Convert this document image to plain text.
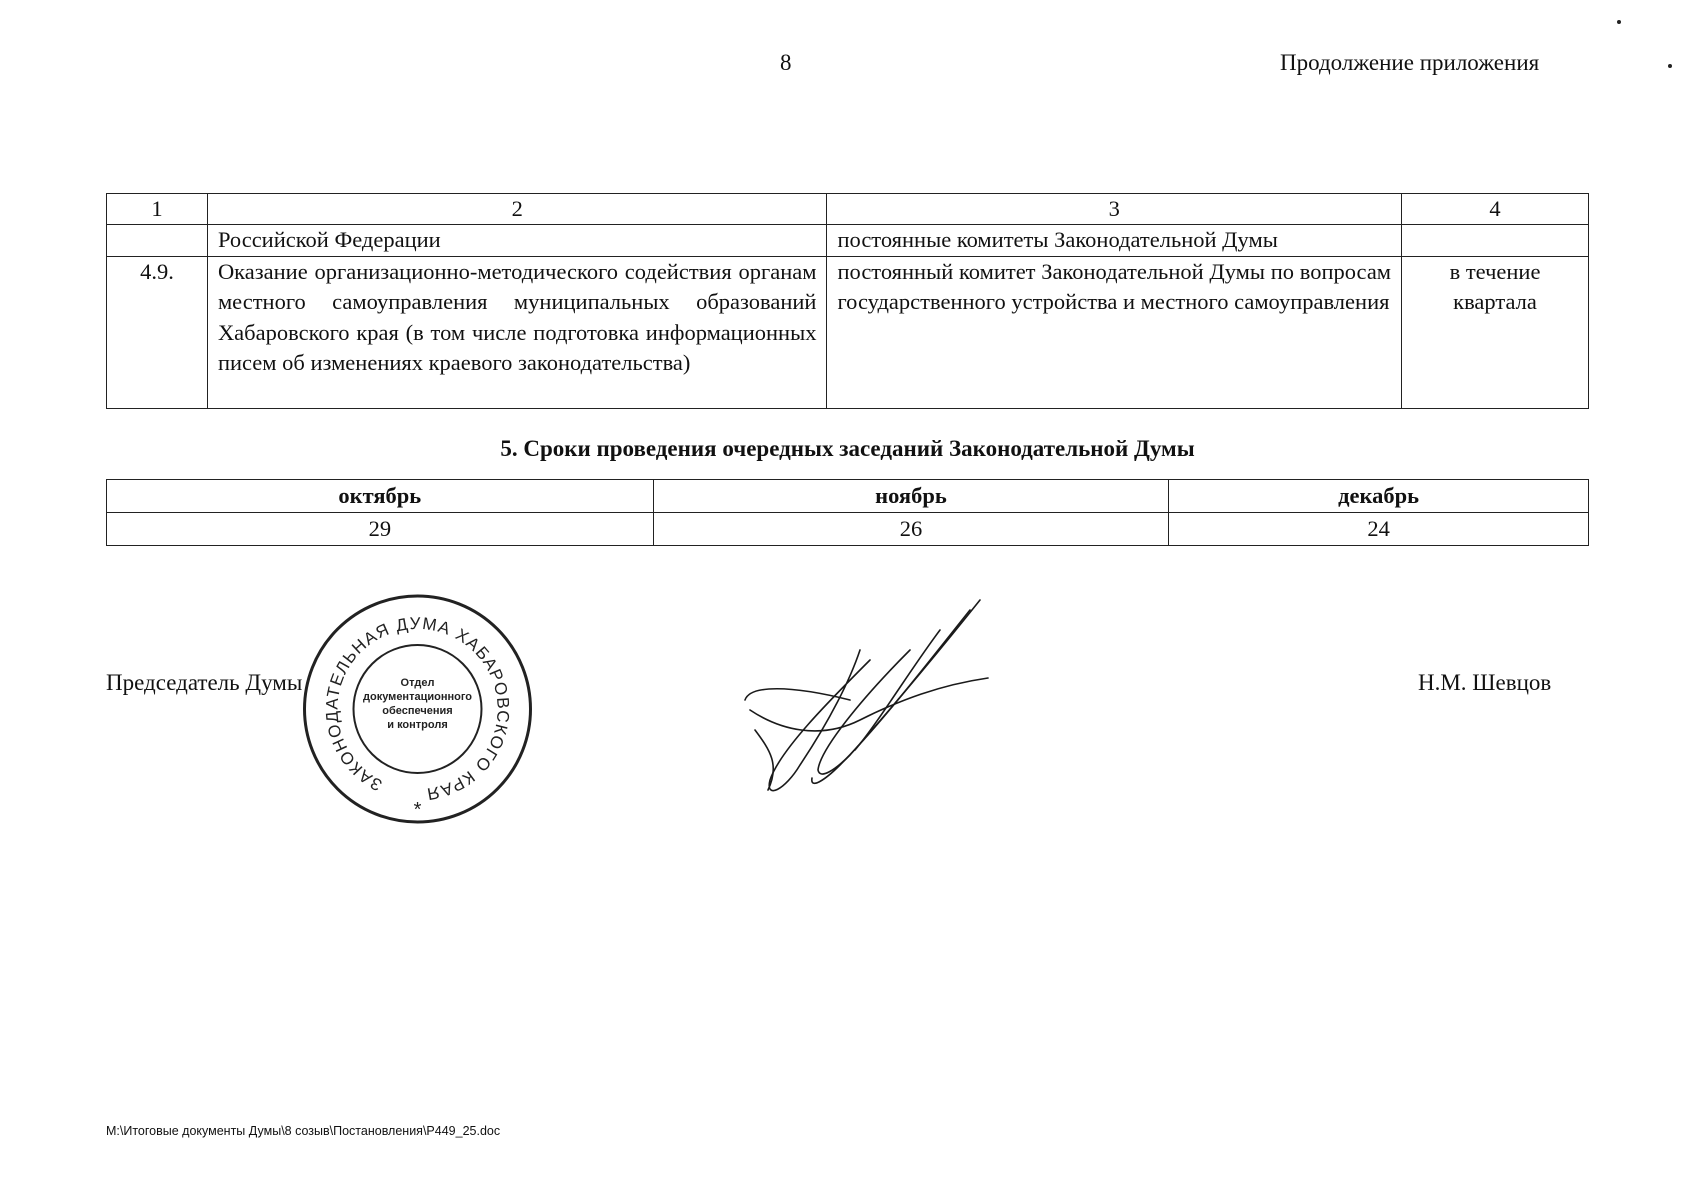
8	Продолжение приложения
1	2	3	4
	Российской Федерации	постоянные комитеты Законодательной Думы	
4.9.	Оказание организационно-методического содействия органам местного самоуправления муниципальных образований Хабаровского края (в том числе подготовка информационных писем об изменениях краевого законодательства)	постоянный комитет Законодательной Думы по вопросам государственного устройства и местного самоуправления	в течение квартала
5. Сроки проведения очередных заседаний Законодательной Думы
октябрь	ноябрь	декабрь
29	26	24
Председатель Думы	Н.М. Шевцов
ЗАКОНОДАТЕЛЬНАЯ ДУМА ХАБАРОВСКОГО КРАЯ
Отдел
документационного
обеспечения
и контроля
*
M:\Итоговые документы Думы\8 созыв\Постановления\Р449_25.doc
